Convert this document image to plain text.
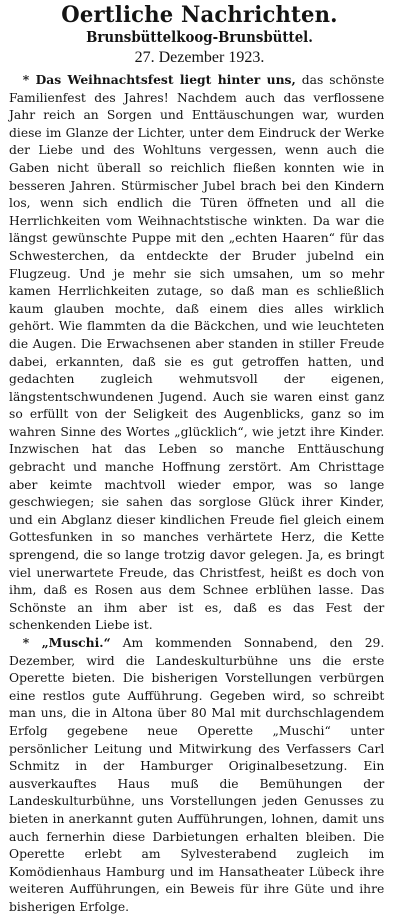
Oertliche Nachrichten.
Brunsbüttelkoog-Brunsbüttel.
27. Dezember 1923.

* Das Weihnachtsfest liegt hinter uns, das schönste Familienfest des Jahres! Nachdem auch das verflossene Jahr reich an Sorgen und Enttäuschungen war, wurden diese im Glanze der Lichter, unter dem Eindruck der Werke der Liebe und des Wohltuns vergessen, wenn auch die Gaben nicht überall so reichlich fließen konnten wie in besseren Jahren. Stürmischer Jubel brach bei den Kindern los, wenn sich endlich die Türen öffneten und all die Herrlichkeiten vom Weihnachtstische winkten. Da war die längst gewünschte Puppe mit den „echten Haaren“ für das Schwesterchen, da entdeckte der Bruder jubelnd ein Flugzeug. Und je mehr sie sich umsahen, um so mehr kamen Herrlichkeiten zutage, so daß man es schließlich kaum glauben mochte, daß einem dies alles wirklich gehört. Wie flammten da die Bäckchen, und wie leuchteten die Augen. Die Erwachsenen aber standen in stiller Freude dabei, erkannten, daß sie es gut getroffen hatten, und gedachten zugleich wehmutsvoll der eigenen, längstentschwundenen Jugend. Auch sie waren einst ganz so erfüllt von der Seligkeit des Augenblicks, ganz so im wahren Sinne des Wortes „glücklich“, wie jetzt ihre Kinder. Inzwischen hat das Leben so manche Enttäuschung gebracht und manche Hoffnung zerstört. Am Christtage aber keimte machtvoll wieder empor, was so lange geschwiegen; sie sahen das sorglose Glück ihrer Kinder, und ein Abglanz dieser kindlichen Freude fiel gleich einem Gottesfunken in so manches verhärtete Herz, die Kette sprengend, die so lange trotzig davor gelegen. Ja, es bringt viel unerwartete Freude, das Christfest, heißt es doch von ihm, daß es Rosen aus dem Schnee erblühen lasse. Das Schönste an ihm aber ist es, daß es das Fest der schenkenden Liebe ist.

* „Muschi.“ Am kommenden Sonnabend, den 29. Dezember, wird die Landeskulturbühne uns die erste Operette bieten. Die bisherigen Vorstellungen verbürgen eine restlos gute Aufführung. Gegeben wird, so schreibt man uns, die in Altona über 80 Mal mit durchschlagendem Erfolg gegebene neue Operette „Muschi“ unter persönlicher Leitung und Mitwirkung des Verfassers Carl Schmitz in der Hamburger Originalbesetzung. Ein ausverkauftes Haus muß die Bemühungen der Landeskulturbühne, uns Vorstellungen jeden Genusses zu bieten in anerkannt guten Aufführungen, lohnen, damit uns auch fernerhin diese Darbietungen erhalten bleiben. Die Operette erlebt am Sylvesterabend zugleich im Komödienhaus Hamburg und im Hansatheater Lübeck ihre weiteren Aufführungen, ein Beweis für ihre Güte und ihre bisherigen Erfolge.
